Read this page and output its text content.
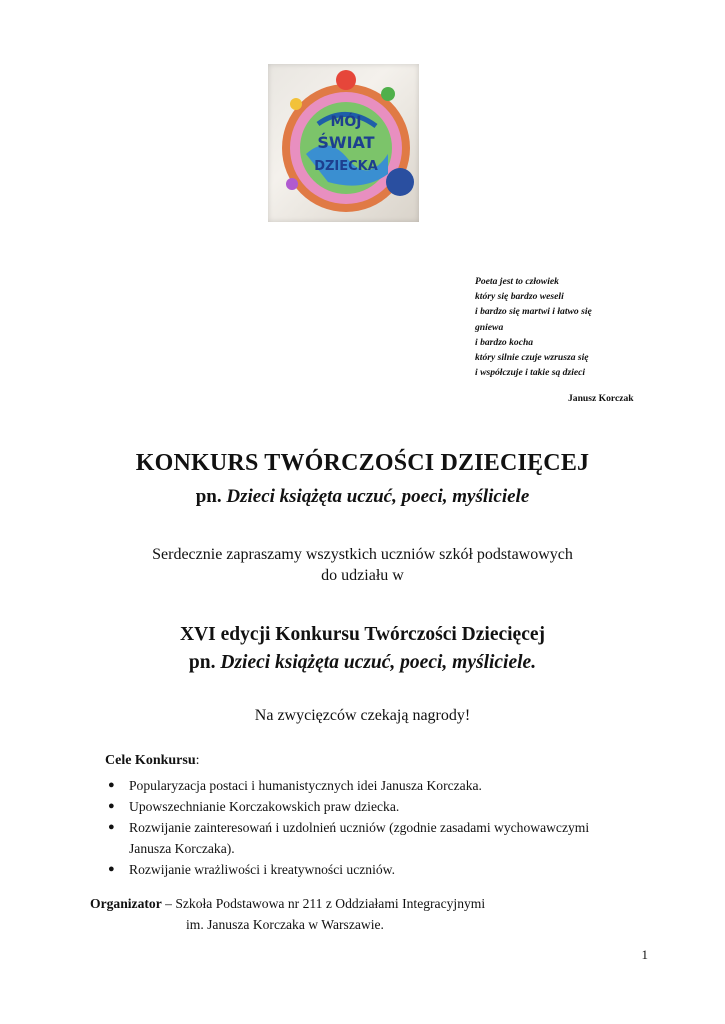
MÓJ
ŚWIAT
DZIECKA
Poeta jest to człowiek
który się bardzo weseli
i bardzo się martwi i łatwo się
gniewa
i bardzo kocha
który silnie czuje wzrusza się
i współczuje i takie są dzieci
Janusz Korczak
KONKURS TWÓRCZOŚCI DZIECIĘCEJ
pn. Dzieci książęta uczuć, poeci, myśliciele
Serdecznie zapraszamy wszystkich uczniów szkół podstawowych
do udziału w
XVI edycji Konkursu Twórczości Dziecięcej
pn. Dzieci książęta uczuć, poeci, myśliciele.
Na zwycięzców czekają nagrody!
Cele Konkursu:
● Popularyzacja postaci i humanistycznych idei Janusza Korczaka.
● Upowszechnianie Korczakowskich praw dziecka.
● Rozwijanie zainteresowań i uzdolnień uczniów (zgodnie zasadami wychowawczymi Janusza Korczaka).
● Rozwijanie wrażliwości i kreatywności uczniów.
Organizator – Szkoła Podstawowa nr 211 z Oddziałami Integracyjnymi
im. Janusza Korczaka w Warszawie.
1
